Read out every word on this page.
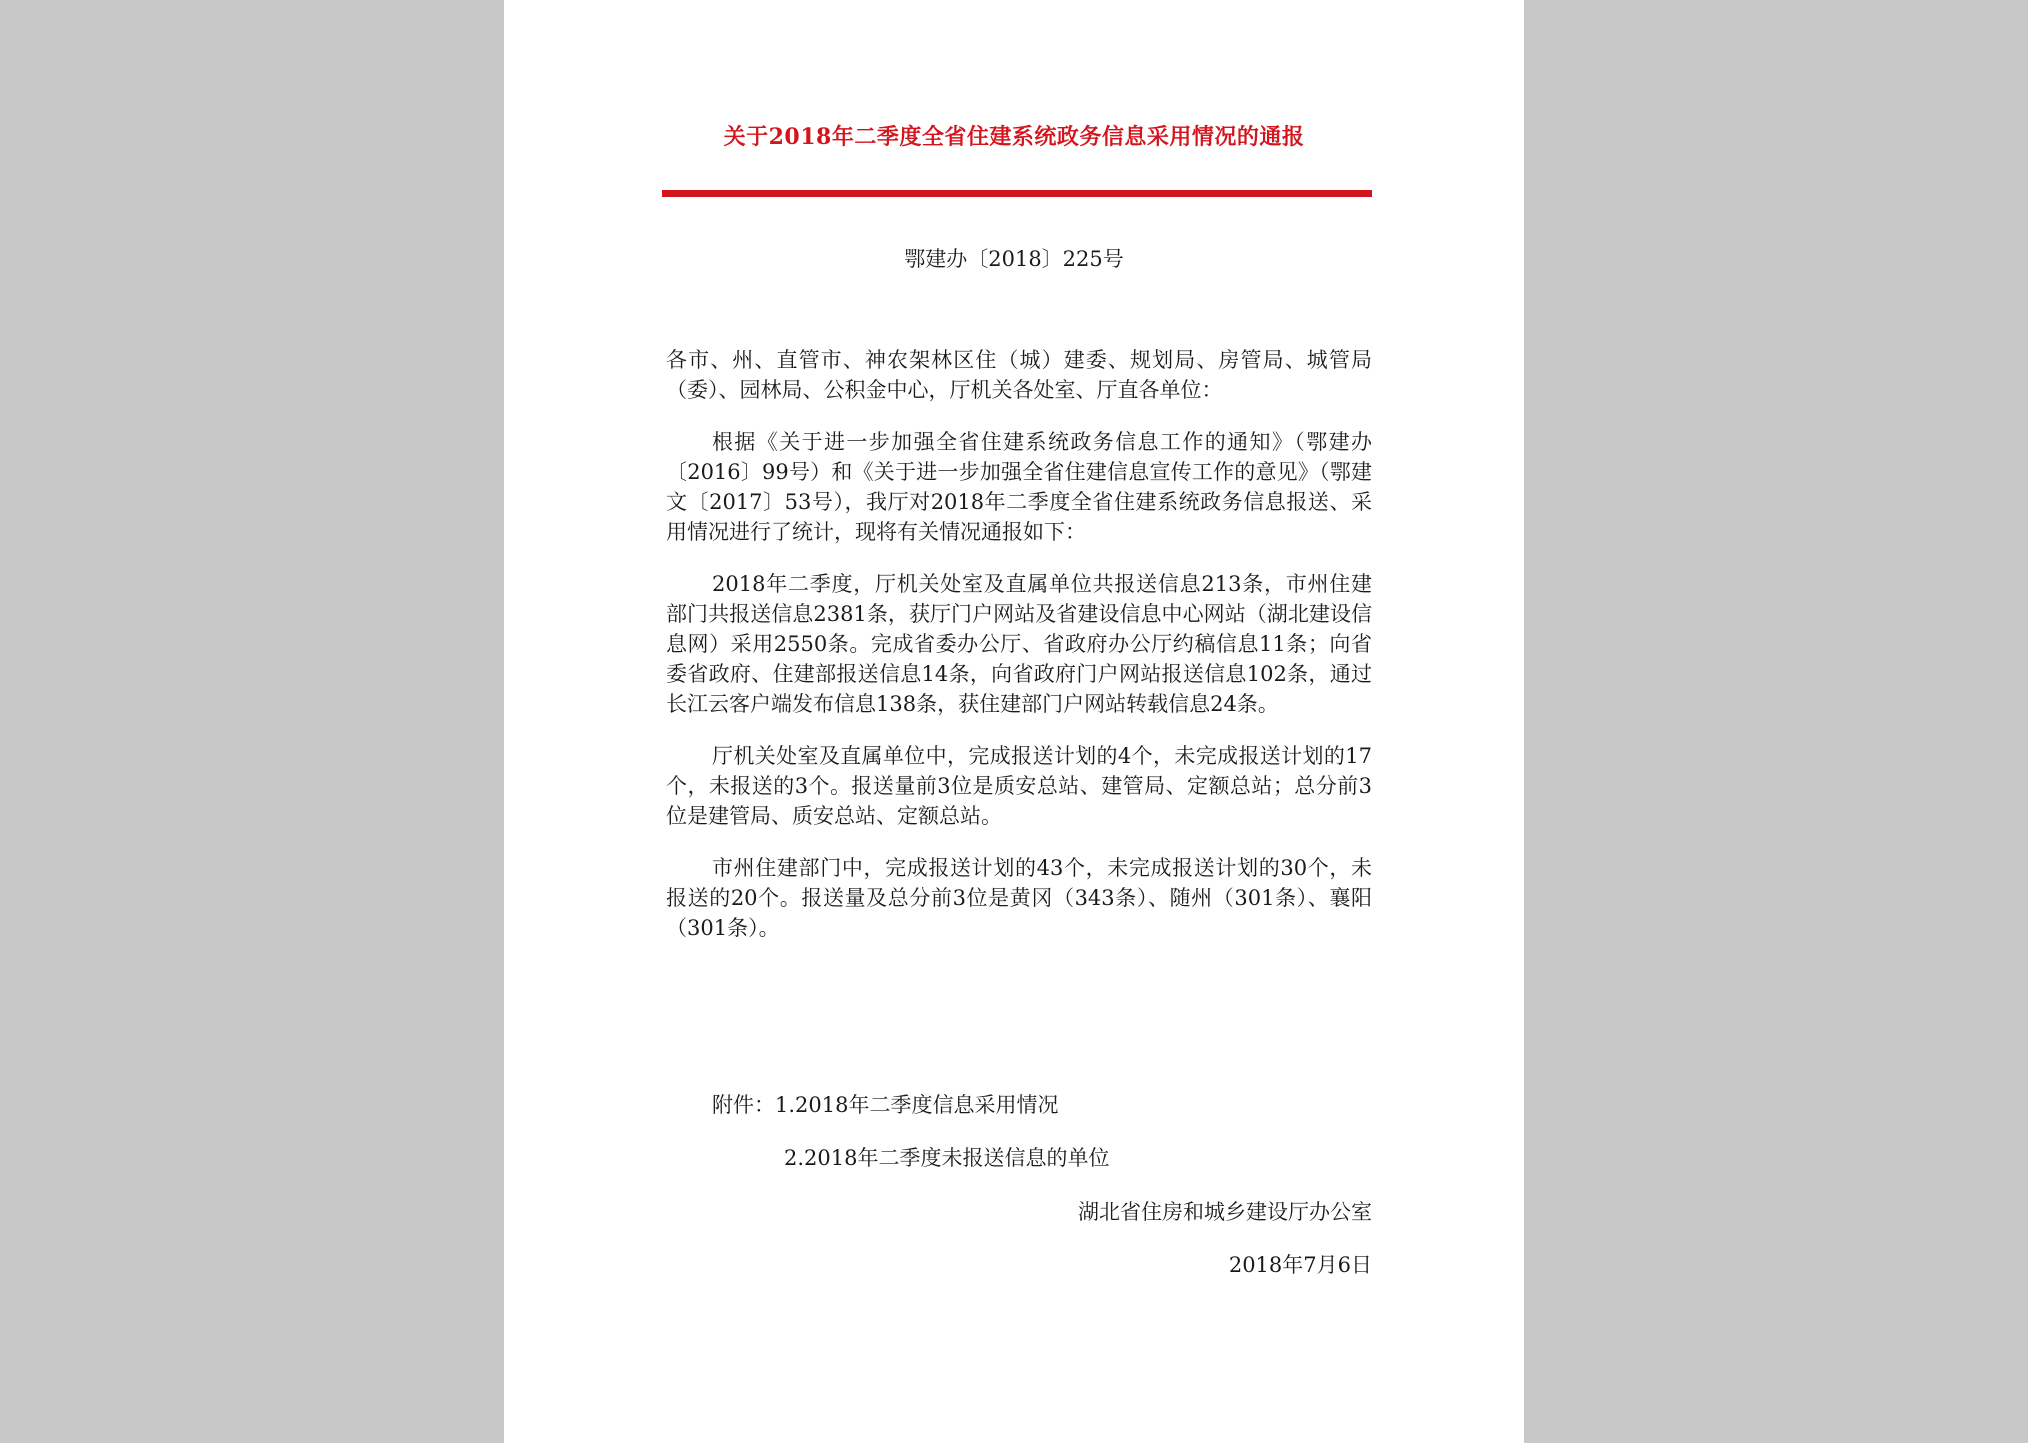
关于2018年二季度全省住建系统政务信息采用情况的通报
鄂建办〔2018〕225号

各市、州、直管市、神农架林区住（城）建委、规划局、房管局、城管局（委）、园林局、公积金中心，厅机关各处室、厅直各单位：

根据《关于进一步加强全省住建系统政务信息工作的通知》（鄂建办〔2016〕99号）和《关于进一步加强全省住建信息宣传工作的意见》（鄂建文〔2017〕53号），我厅对2018年二季度全省住建系统政务信息报送、采用情况进行了统计，现将有关情况通报如下：

2018年二季度，厅机关处室及直属单位共报送信息213条，市州住建部门共报送信息2381条，获厅门户网站及省建设信息中心网站（湖北建设信息网）采用2550条。完成省委办公厅、省政府办公厅约稿信息11条；向省委省政府、住建部报送信息14条，向省政府门户网站报送信息102条，通过长江云客户端发布信息138条，获住建部门户网站转载信息24条。

厅机关处室及直属单位中，完成报送计划的4个，未完成报送计划的17个，未报送的3个。报送量前3位是质安总站、建管局、定额总站；总分前3位是建管局、质安总站、定额总站。

市州住建部门中，完成报送计划的43个，未完成报送计划的30个，未报送的20个。报送量及总分前3位是黄冈（343条）、随州（301条）、襄阳（301条）。

附件：1.2018年二季度信息采用情况
2.2018年二季度未报送信息的单位
湖北省住房和城乡建设厅办公室
2018年7月6日
